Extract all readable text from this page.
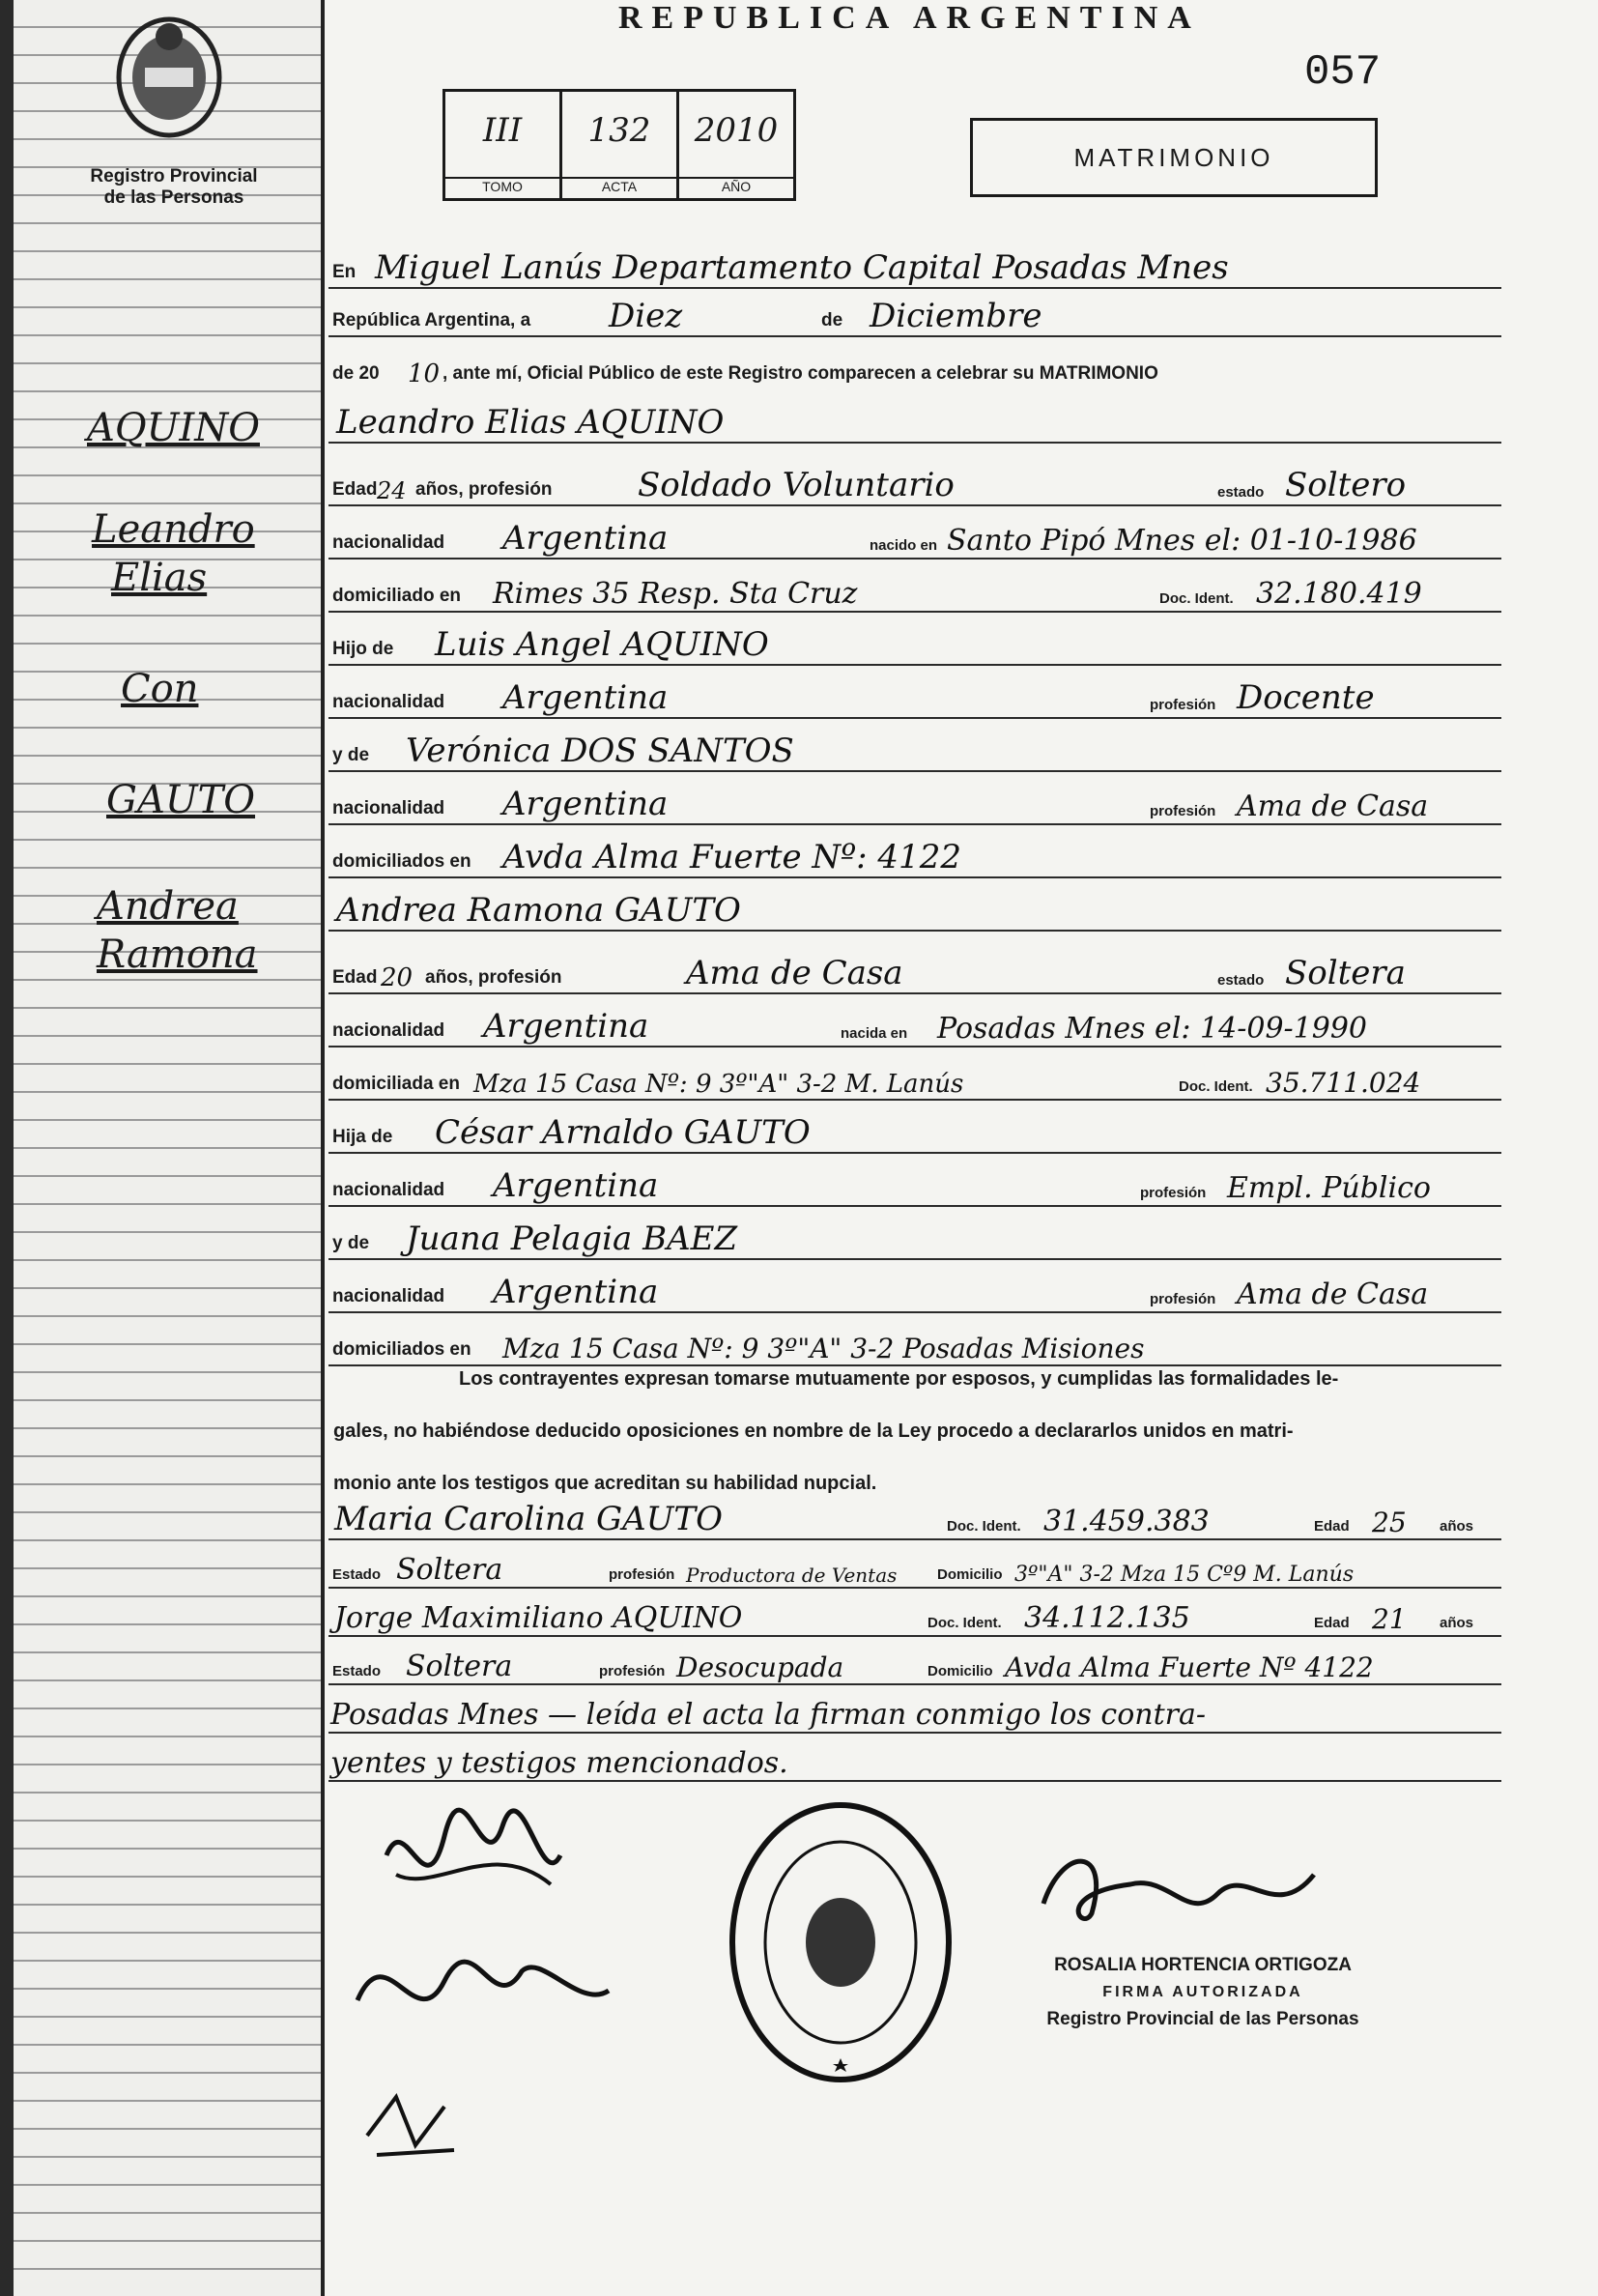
Registro Provincial
de las Personas
REPUBLICA ARGENTINA
057
III
TOMO
132
ACTA
2010
AÑO
MATRIMONIO
AQUINO
Leandro
Elias
Con
GAUTO
Andrea
Ramona
En Miguel Lanús Departamento Capital Posadas Mnes
República Argentina, a Diez	de Diciembre
de 20 10 , ante mí, Oficial Público de este Registro comparecen a celebrar su MATRIMONIO
Leandro Elias AQUINO
Edad 24 años, profesión	Soldado Voluntario	estado Soltero
nacionalidad Argentina	nacido en Santo Pipó Mnes el: 01-10-1986
domiciliado en Rimes 35 Resp. Sta Cruz	Doc. Ident. 32.180.419
Hijo de Luis Angel AQUINO
nacionalidad Argentina	profesión Docente
y de Verónica DOS SANTOS
nacionalidad Argentina	profesión Ama de Casa
domiciliados en Avda Alma Fuerte Nº: 4122
Andrea Ramona GAUTO
Edad 20 años, profesión	Ama de Casa	estado Soltera
nacionalidad Argentina	nacida en Posadas Mnes el: 14-09-1990
domiciliada en Mza 15 Casa Nº: 9 3º"A" 3-2 M. Lanús	Doc. Ident. 35.711.024
Hija de César Arnaldo GAUTO
nacionalidad Argentina	profesión Empl. Público
y de Juana Pelagia BAEZ
nacionalidad Argentina	profesión Ama de Casa
domiciliados en Mza 15 Casa Nº: 9 3º"A" 3-2 Posadas Misiones
Los contrayentes expresan tomarse mutuamente por esposos, y cumplidas las formalidades le-
gales, no habiéndose deducido oposiciones en nombre de la Ley procedo a declararlos unidos en matri-
monio ante los testigos que acreditan su habilidad nupcial.
Maria Carolina GAUTO	Doc. Ident. 31.459.383	Edad 25 años
Estado Soltera	profesión Productora de Ventas	Domicilio 3º"A" 3-2 Mza 15 Cº9 M. Lanús
Jorge Maximiliano AQUINO	Doc. Ident. 34.112.135	Edad 21 años
Estado Soltera	profesión Desocupada	Domicilio Avda Alma Fuerte Nº 4122
Posadas Mnes — leída el acta la firman conmigo los contra-
yentes y testigos mencionados.
ROSALIA HORTENCIA ORTIGOZA
FIRMA AUTORIZADA
Registro Provincial de las Personas
